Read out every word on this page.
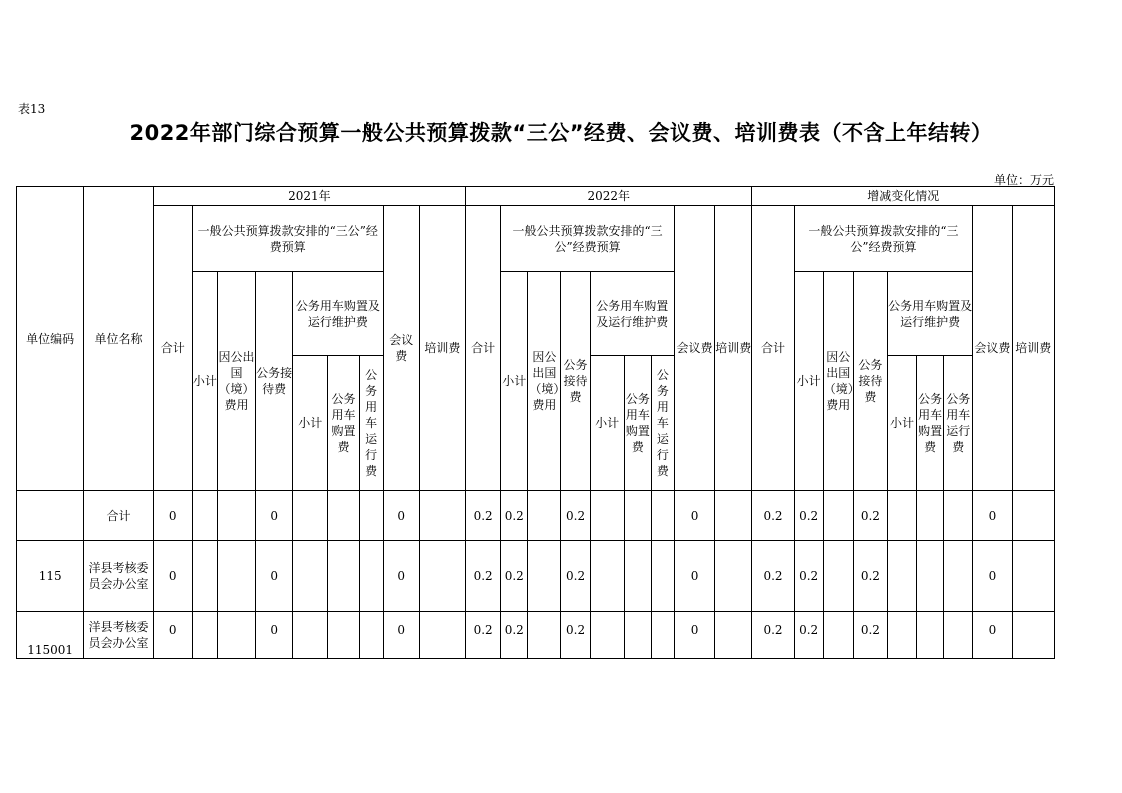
表13
2022年部门综合预算一般公共预算拨款“三公”经费、会议费、培训费表（不含上年结转）
单位：万元
单位编码	单位名称	2021年									2022年									增减变化情况								
		合计	一般公共预算拨款安排的“三公”经费预算						会议费	培训费	合计	一般公共预算拨款安排的“三公”经费预算						会议费	培训费	合计	一般公共预算拨款安排的“三公”经费预算						会议费	培训费
			小计	因公出国（境）费用	公务接待费	公务用车购置及运行维护费						小计	因公出国（境）费用	公务接待费	公务用车购置及运行维护费						小计	因公出国（境）费用	公务接待费	公务用车购置及运行维护费				
						小计	公务用车购置费	公务用车运行费							小计	公务用车购置费	公务用车运行费							小计	公务用车购置费	公务用车运行费		
	合计	0			0				0		0.2	0.2		0.2				0		0.2	0.2		0.2				0	
115	洋县考核委员会办公室	0			0				0		0.2	0.2		0.2				0		0.2	0.2		0.2				0	
115001	洋县考核委员会办公室	0			0				0		0.2	0.2		0.2				0		0.2	0.2		0.2				0	
